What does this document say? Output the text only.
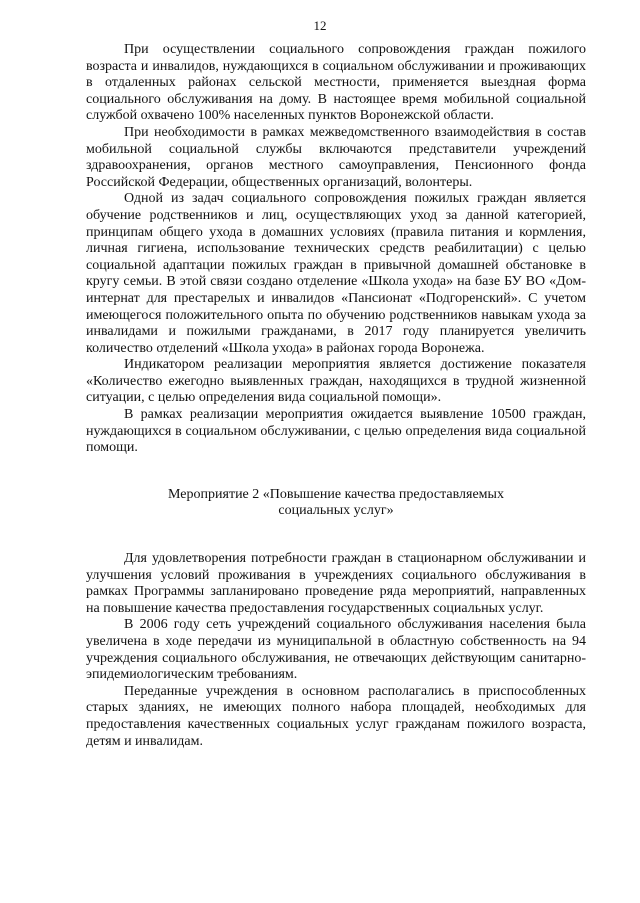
12

При осуществлении социального сопровождения граждан пожилого возраста и инвалидов, нуждающихся в социальном обслуживании и проживающих в отдаленных районах сельской местности, применяется выездная форма социального обслуживания на дому. В настоящее время мобильной социальной службой охвачено 100% населенных пунктов Воронежской области.

При необходимости в рамках межведомственного взаимодействия в состав мобильной социальной службы включаются представители учреждений здравоохранения, органов местного самоуправления, Пенсионного фонда Российской Федерации, общественных организаций, волонтеры.

Одной из задач социального сопровождения пожилых граждан является обучение родственников и лиц, осуществляющих уход за данной категорией, принципам общего ухода в домашних условиях (правила питания и кормления, личная гигиена, использование технических средств реабилитации) с целью социальной адаптации пожилых граждан в привычной домашней обстановке в кругу семьи. В этой связи создано отделение «Школа ухода» на базе БУ ВО «Дом-интернат для престарелых и инвалидов «Пансионат «Подгоренский». С учетом имеющегося положительного опыта по обучению родственников навыкам ухода за инвалидами и пожилыми гражданами, в 2017 году планируется увеличить количество отделений «Школа ухода» в районах города Воронежа.

Индикатором реализации мероприятия является достижение показателя «Количество ежегодно выявленных граждан, находящихся в трудной жизненной ситуации, с целью определения вида социальной помощи».

В рамках реализации мероприятия ожидается выявление 10500 граждан, нуждающихся в социальном обслуживании, с целью определения вида социальной помощи.

Мероприятие 2 «Повышение качества предоставляемых
социальных услуг»

Для удовлетворения потребности граждан в стационарном обслуживании и улучшения условий проживания в учреждениях социального обслуживания в рамках Программы запланировано проведение ряда мероприятий, направленных на повышение качества предоставления государственных социальных услуг.

В 2006 году сеть учреждений социального обслуживания населения была увеличена в ходе передачи из муниципальной в областную собственность на 94 учреждения социального обслуживания, не отвечающих действующим санитарно-эпидемиологическим требованиям.

Переданные учреждения в основном располагались в приспособленных старых зданиях, не имеющих полного набора площадей, необходимых для предоставления качественных социальных услуг гражданам пожилого возраста, детям и инвалидам.
